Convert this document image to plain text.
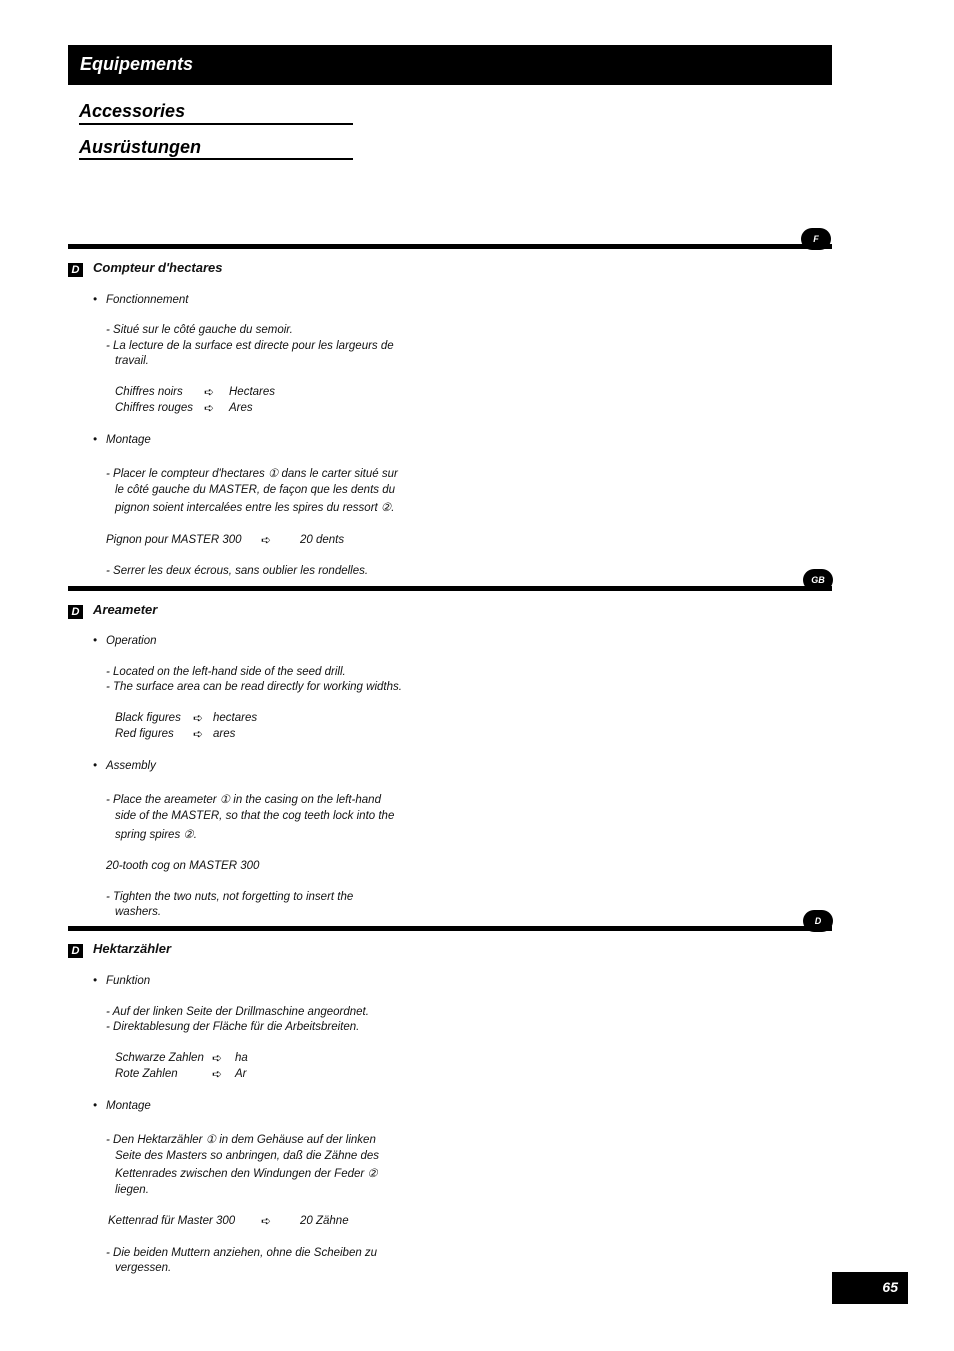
Equipements
Accessories
Ausrüstungen
F
D Compteur d'hectares
• Fonctionnement
- Situé sur le côté gauche du semoir.
- La lecture de la surface est directe pour les largeurs de
travail.
Chiffres noirs ➪ Hectares
Chiffres rouges ➪ Ares
• Montage
- Placer le compteur d'hectares ① dans le carter situé sur
le côté gauche du MASTER, de façon que les dents du
pignon soient intercalées entre les spires du ressort ②.
Pignon pour MASTER 300 ➪	20 dents
- Serrer les deux écrous, sans oublier les rondelles.
GB
D Areameter
• Operation
- Located on the left-hand side of the seed drill.
- The surface area can be read directly for working widths.
Black figures ➪ hectares
Red figures ➪ ares
• Assembly
- Place the areameter ① in the casing on the left-hand
side of the MASTER, so that the cog teeth lock into the
spring spires ②.
20-tooth cog on MASTER 300
- Tighten the two nuts, not forgetting to insert the
washers.
D
D Hektarzähler
• Funktion
- Auf der linken Seite der Drillmaschine angeordnet.
- Direktablesung der Fläche für die Arbeitsbreiten.
Schwarze Zahlen ➪ ha
Rote Zahlen	➪ Ar
• Montage
- Den Hektarzähler ① in dem Gehäuse auf der linken
Seite des Masters so anbringen, daß die Zähne des
Kettenrades zwischen den Windungen der Feder ②
liegen.
Kettenrad für Master 300 ➪	20 Zähne
- Die beiden Muttern anziehen, ohne die Scheiben zu
vergessen.
65
